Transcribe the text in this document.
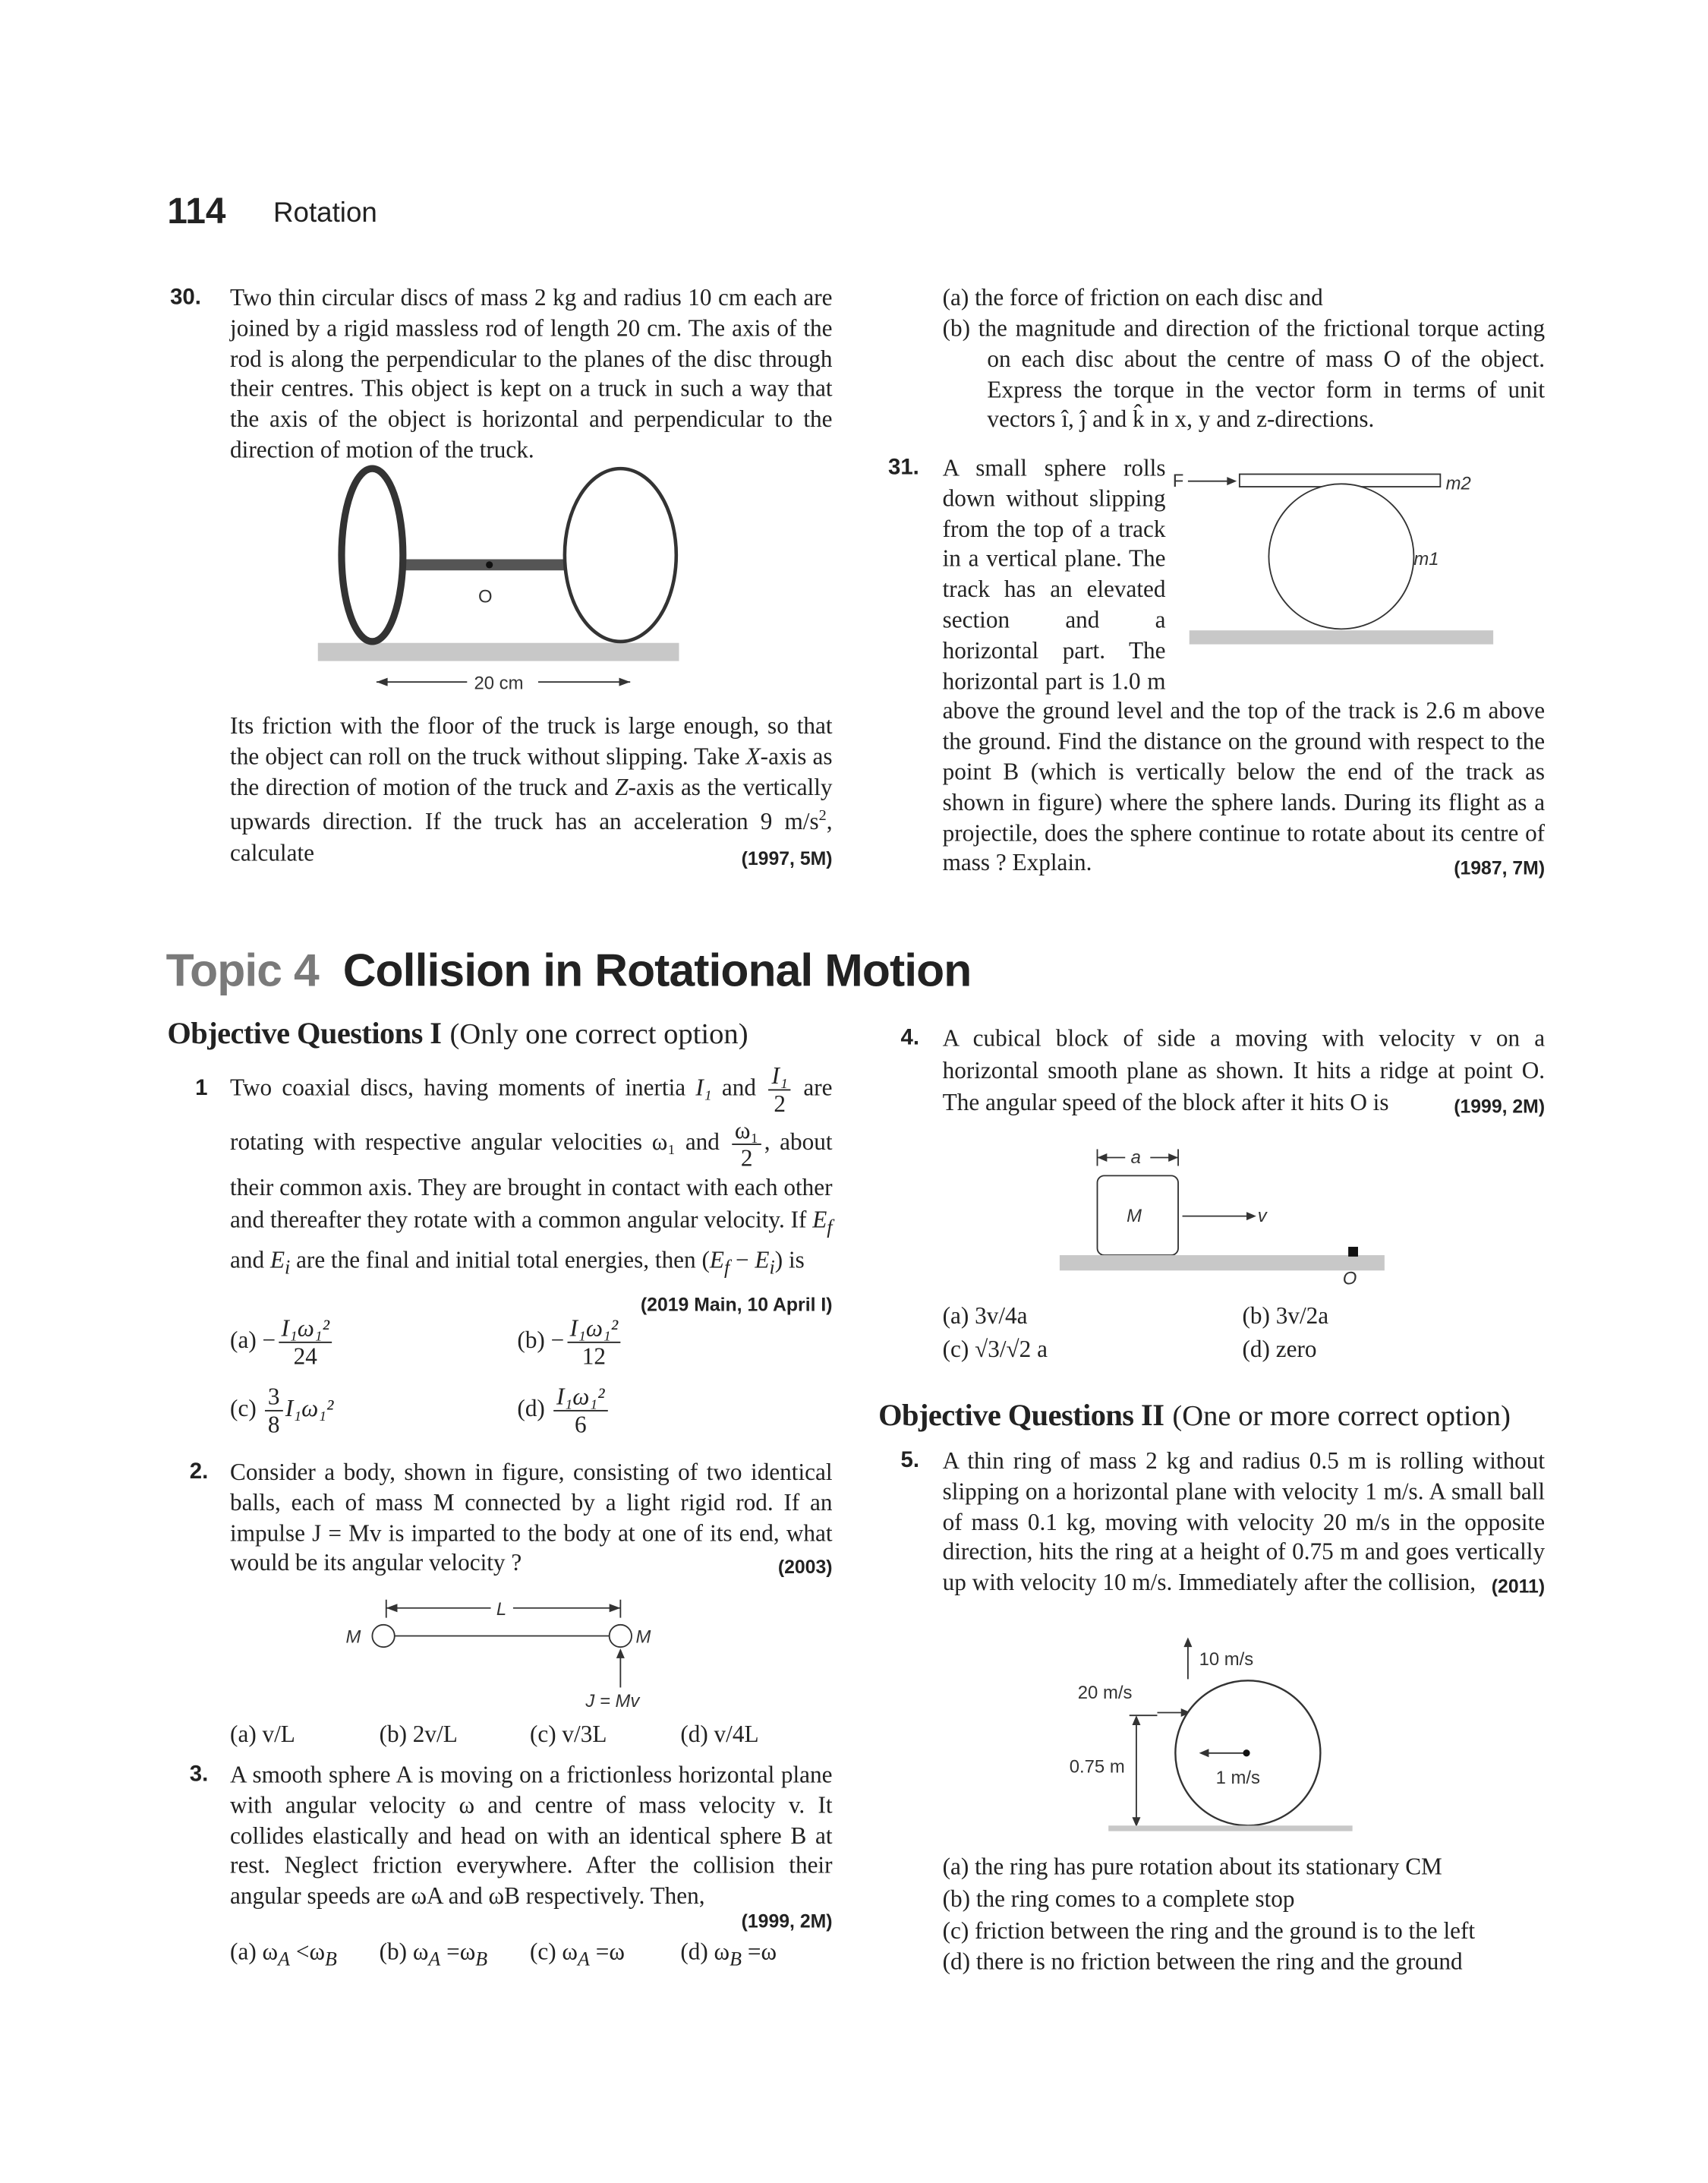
114	Rotation
30. Two thin circular discs of mass 2 kg and radius 10 cm each are joined by a rigid massless rod of length 20 cm. The axis of the rod is along the perpendicular to the planes of the disc through their centres. This object is kept on a truck in such a way that the axis of the object is horizontal and perpendicular to the direction of motion of the truck.
O
20 cm
Its friction with the floor of the truck is large enough, so that the object can roll on the truck without slipping. Take X-axis as the direction of motion of the truck and Z-axis as the vertically upwards direction. If the truck has an acceleration 9 $m/s^2$, calculate	(1997, 5M)
(a) the force of friction on each disc and
(b) the magnitude and direction of the frictional torque acting on each disc about the centre of mass O of the object. Express the torque in the vector form in terms of unit vectors î, ĵ and k̂ in x, y and z-directions.
31.
F	m2
m1
A small sphere rolls down without slipping from the top of a track in a vertical plane. The track has an elevated section and a horizontal part. The horizontal part is 1.0 m above the ground level and the top of the track is 2.6 m above the ground. Find the distance on the ground with respect to the point B (which is vertically below the end of the track as shown in figure) where the sphere lands. During its flight as a projectile, does the sphere continue to rotate about its centre of mass ? Explain.	(1987, 7M)
Topic 4 Collision in Rotational Motion
Objective Questions I (Only one correct option)
1 Two coaxial discs, having moments of inertia I₁ and $\frac{\text{I₁}}{2}$ are rotating with respective angular velocities ω₁ and $\frac{\text{ω₁}}{2}$ , about their common axis. They are brought in contact with each other and thereafter they rotate with a common angular velocity. If $E_f$ and $E_i$ are the final and initial total energies, then $(E_f - E_i)$ is
(2019 Main, 10 April I)
$(a) - \frac{\text{I₁ω₁²}}{24}$	$(b) - \frac{\text{I₁ω₁²}}{12}$
$(c) \frac{3}{8} I_1\omega_1^2$	$(d) \frac{\text{I₁ω₁²}}{6}$
2. Consider a body, shown in figure, consisting of two identical balls, each of mass M connected by a light rigid rod. If an impulse J = Mv is imparted to the body at one of its end, what would be its angular velocity ?	(2003)
L
M	M
J = Mv
(a) v/L	(b) 2v/L	(c) v/3L	(d) v/4L
3. A smooth sphere A is moving on a frictionless horizontal plane with angular velocity ω and centre of mass velocity v. It collides elastically and head on with an identical sphere B at rest. Neglect friction everywhere. After the collision their angular speeds are ωA and ωB respectively. Then,
(1999, 2M)
(a) $\omega_A <\omega_B$	(b) $\omega_A =\omega_B$	(c) $\omega_A =\omega$	(d) $\omega_B =\omega$
4. A cubical block of side a moving with velocity v on a horizontal smooth plane as shown. It hits a ridge at point O. The angular speed of the block after it hits O is	(1999, 2M)
a
M	v
O
(a) 3v/4a	(b) 3v/2a
(c) √3/√2 a	(d) zero
Objective Questions II (One or more correct option)
5. A thin ring of mass 2 kg and radius 0.5 m is rolling without slipping on a horizontal plane with velocity 1 m/s. A small ball of mass 0.1 kg, moving with velocity 20 m/s in the opposite direction, hits the ring at a height of 0.75 m and goes vertically up with velocity 10 m/s. Immediately after the collision, (2011)
10 m/s
20 m/s
0.75 m
1 m/s
(a) the ring has pure rotation about its stationary CM
(b) the ring comes to a complete stop
(c) friction between the ring and the ground is to the left
(d) there is no friction between the ring and the ground
